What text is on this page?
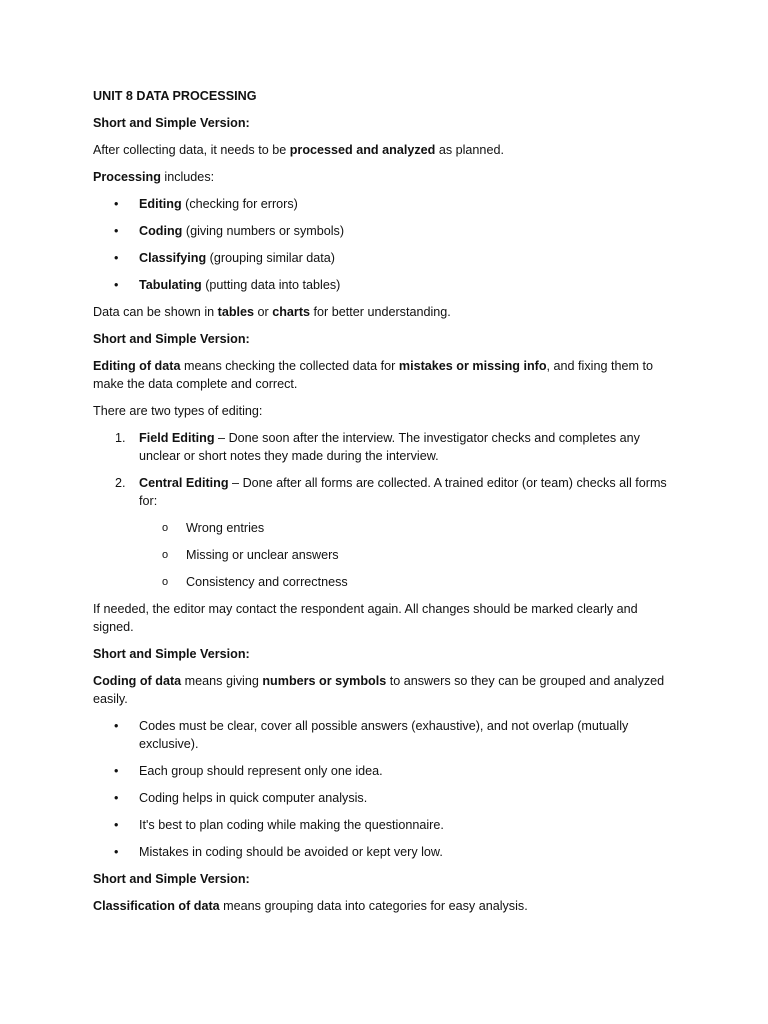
UNIT 8 DATA PROCESSING

Short and Simple Version:

After collecting data, it needs to be processed and analyzed as planned.

Processing includes:

• Editing (checking for errors)
• Coding (giving numbers or symbols)
• Classifying (grouping similar data)
• Tabulating (putting data into tables)

Data can be shown in tables or charts for better understanding.

Short and Simple Version:

Editing of data means checking the collected data for mistakes or missing info, and fixing them to make the data complete and correct.

There are two types of editing:

1. Field Editing – Done soon after the interview. The investigator checks and completes any unclear or short notes they made during the interview.
2. Central Editing – Done after all forms are collected. A trained editor (or team) checks all forms for:
o Wrong entries
o Missing or unclear answers
o Consistency and correctness

If needed, the editor may contact the respondent again. All changes should be marked clearly and signed.

Short and Simple Version:

Coding of data means giving numbers or symbols to answers so they can be grouped and analyzed easily.

• Codes must be clear, cover all possible answers (exhaustive), and not overlap (mutually exclusive).
• Each group should represent only one idea.
• Coding helps in quick computer analysis.
• It's best to plan coding while making the questionnaire.
• Mistakes in coding should be avoided or kept very low.

Short and Simple Version:

Classification of data means grouping data into categories for easy analysis.
